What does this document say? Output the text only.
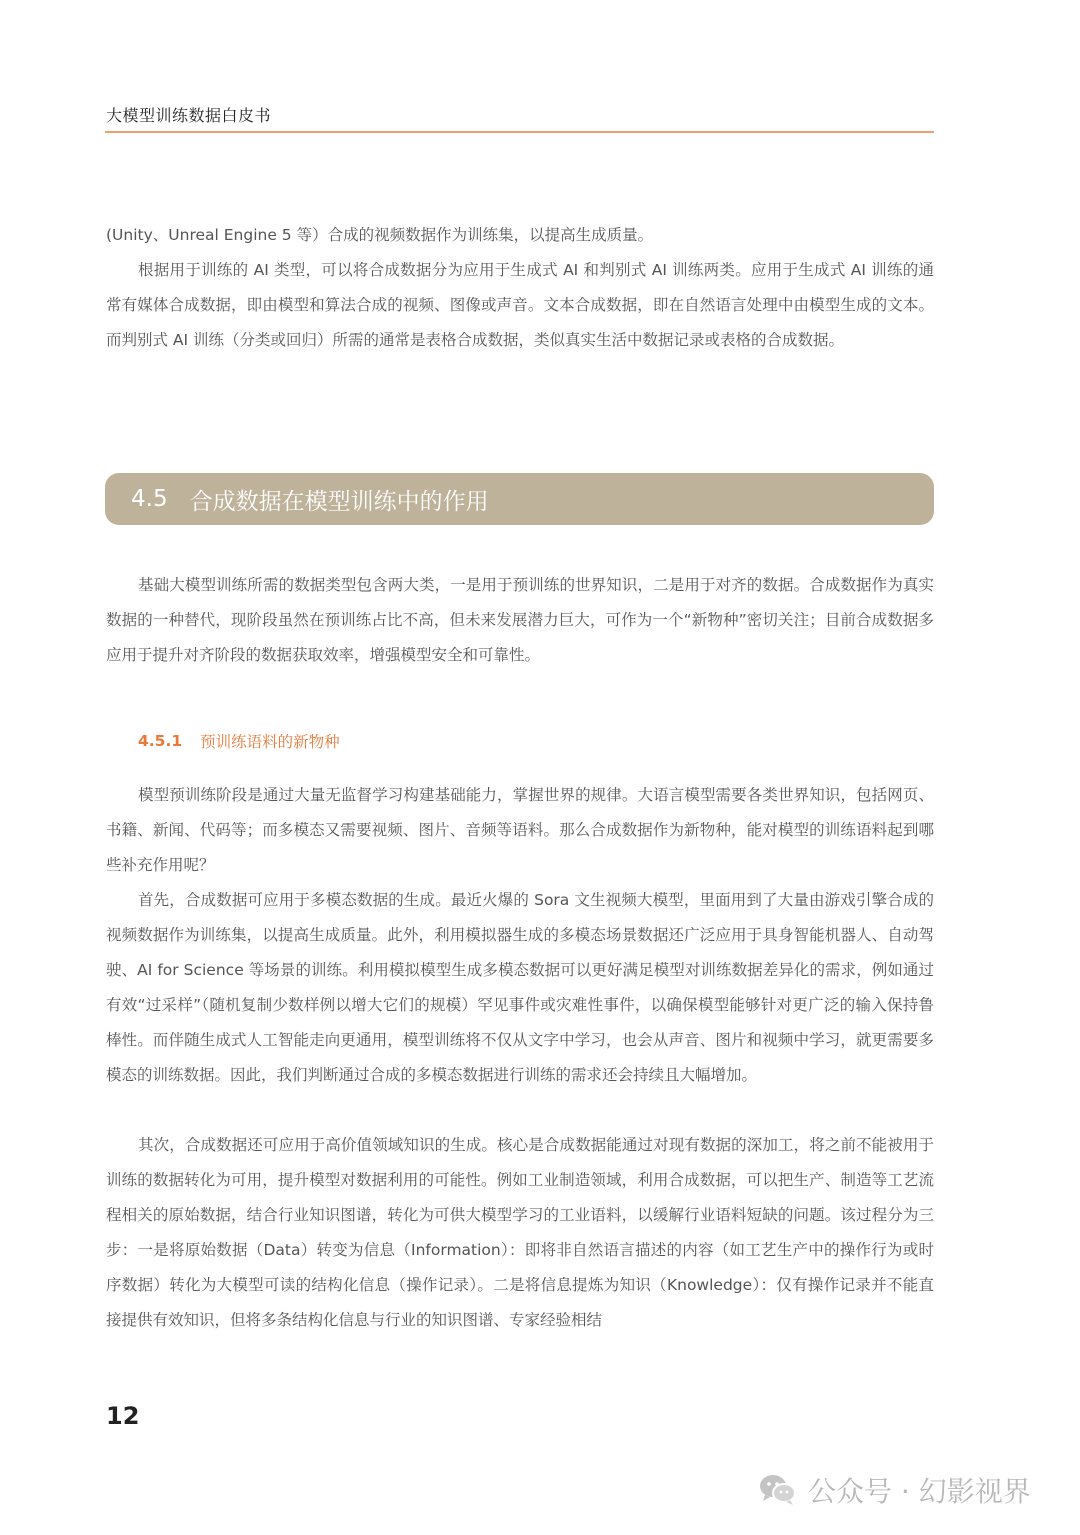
大模型训练数据白皮书

(Unity、Unreal Engine 5 等）合成的视频数据作为训练集，以提高生成质量。

根据用于训练的 AI 类型，可以将合成数据分为应用于生成式 AI 和判别式 AI 训练两类。应用于生成式 AI 训练的通常有媒体合成数据，即由模型和算法合成的视频、图像或声音。文本合成数据，即在自然语言处理中由模型生成的文本。而判别式 AI 训练（分类或回归）所需的通常是表格合成数据，类似真实生活中数据记录或表格的合成数据。

4.5 合成数据在模型训练中的作用

基础大模型训练所需的数据类型包含两大类，一是用于预训练的世界知识，二是用于对齐的数据。合成数据作为真实数据的一种替代，现阶段虽然在预训练占比不高，但未来发展潜力巨大，可作为一个“新物种”密切关注；目前合成数据多应用于提升对齐阶段的数据获取效率，增强模型安全和可靠性。

4.5.1 预训练语料的新物种

模型预训练阶段是通过大量无监督学习构建基础能力，掌握世界的规律。大语言模型需要各类世界知识，包括网页、书籍、新闻、代码等；而多模态又需要视频、图片、音频等语料。那么合成数据作为新物种，能对模型的训练语料起到哪些补充作用呢？

首先，合成数据可应用于多模态数据的生成。最近火爆的 Sora 文生视频大模型，里面用到了大量由游戏引擎合成的视频数据作为训练集，以提高生成质量。此外，利用模拟器生成的多模态场景数据还广泛应用于具身智能机器人、自动驾驶、AI for Science 等场景的训练。利用模拟模型生成多模态数据可以更好满足模型对训练数据差异化的需求，例如通过有效“过采样”（随机复制少数样例以增大它们的规模）罕见事件或灾难性事件，以确保模型能够针对更广泛的输入保持鲁棒性。而伴随生成式人工智能走向更通用，模型训练将不仅从文字中学习，也会从声音、图片和视频中学习，就更需要多模态的训练数据。因此，我们判断通过合成的多模态数据进行训练的需求还会持续且大幅增加。

其次，合成数据还可应用于高价值领域知识的生成。核心是合成数据能通过对现有数据的深加工，将之前不能被用于训练的数据转化为可用，提升模型对数据利用的可能性。例如工业制造领域，利用合成数据，可以把生产、制造等工艺流程相关的原始数据，结合行业知识图谱，转化为可供大模型学习的工业语料，以缓解行业语料短缺的问题。该过程分为三步：一是将原始数据（Data）转变为信息（Information）：即将非自然语言描述的内容（如工艺生产中的操作行为或时序数据）转化为大模型可读的结构化信息（操作记录）。二是将信息提炼为知识（Knowledge）：仅有操作记录并不能直接提供有效知识，但将多条结构化信息与行业的知识图谱、专家经验相结

12
公众号 · 幻影视界
